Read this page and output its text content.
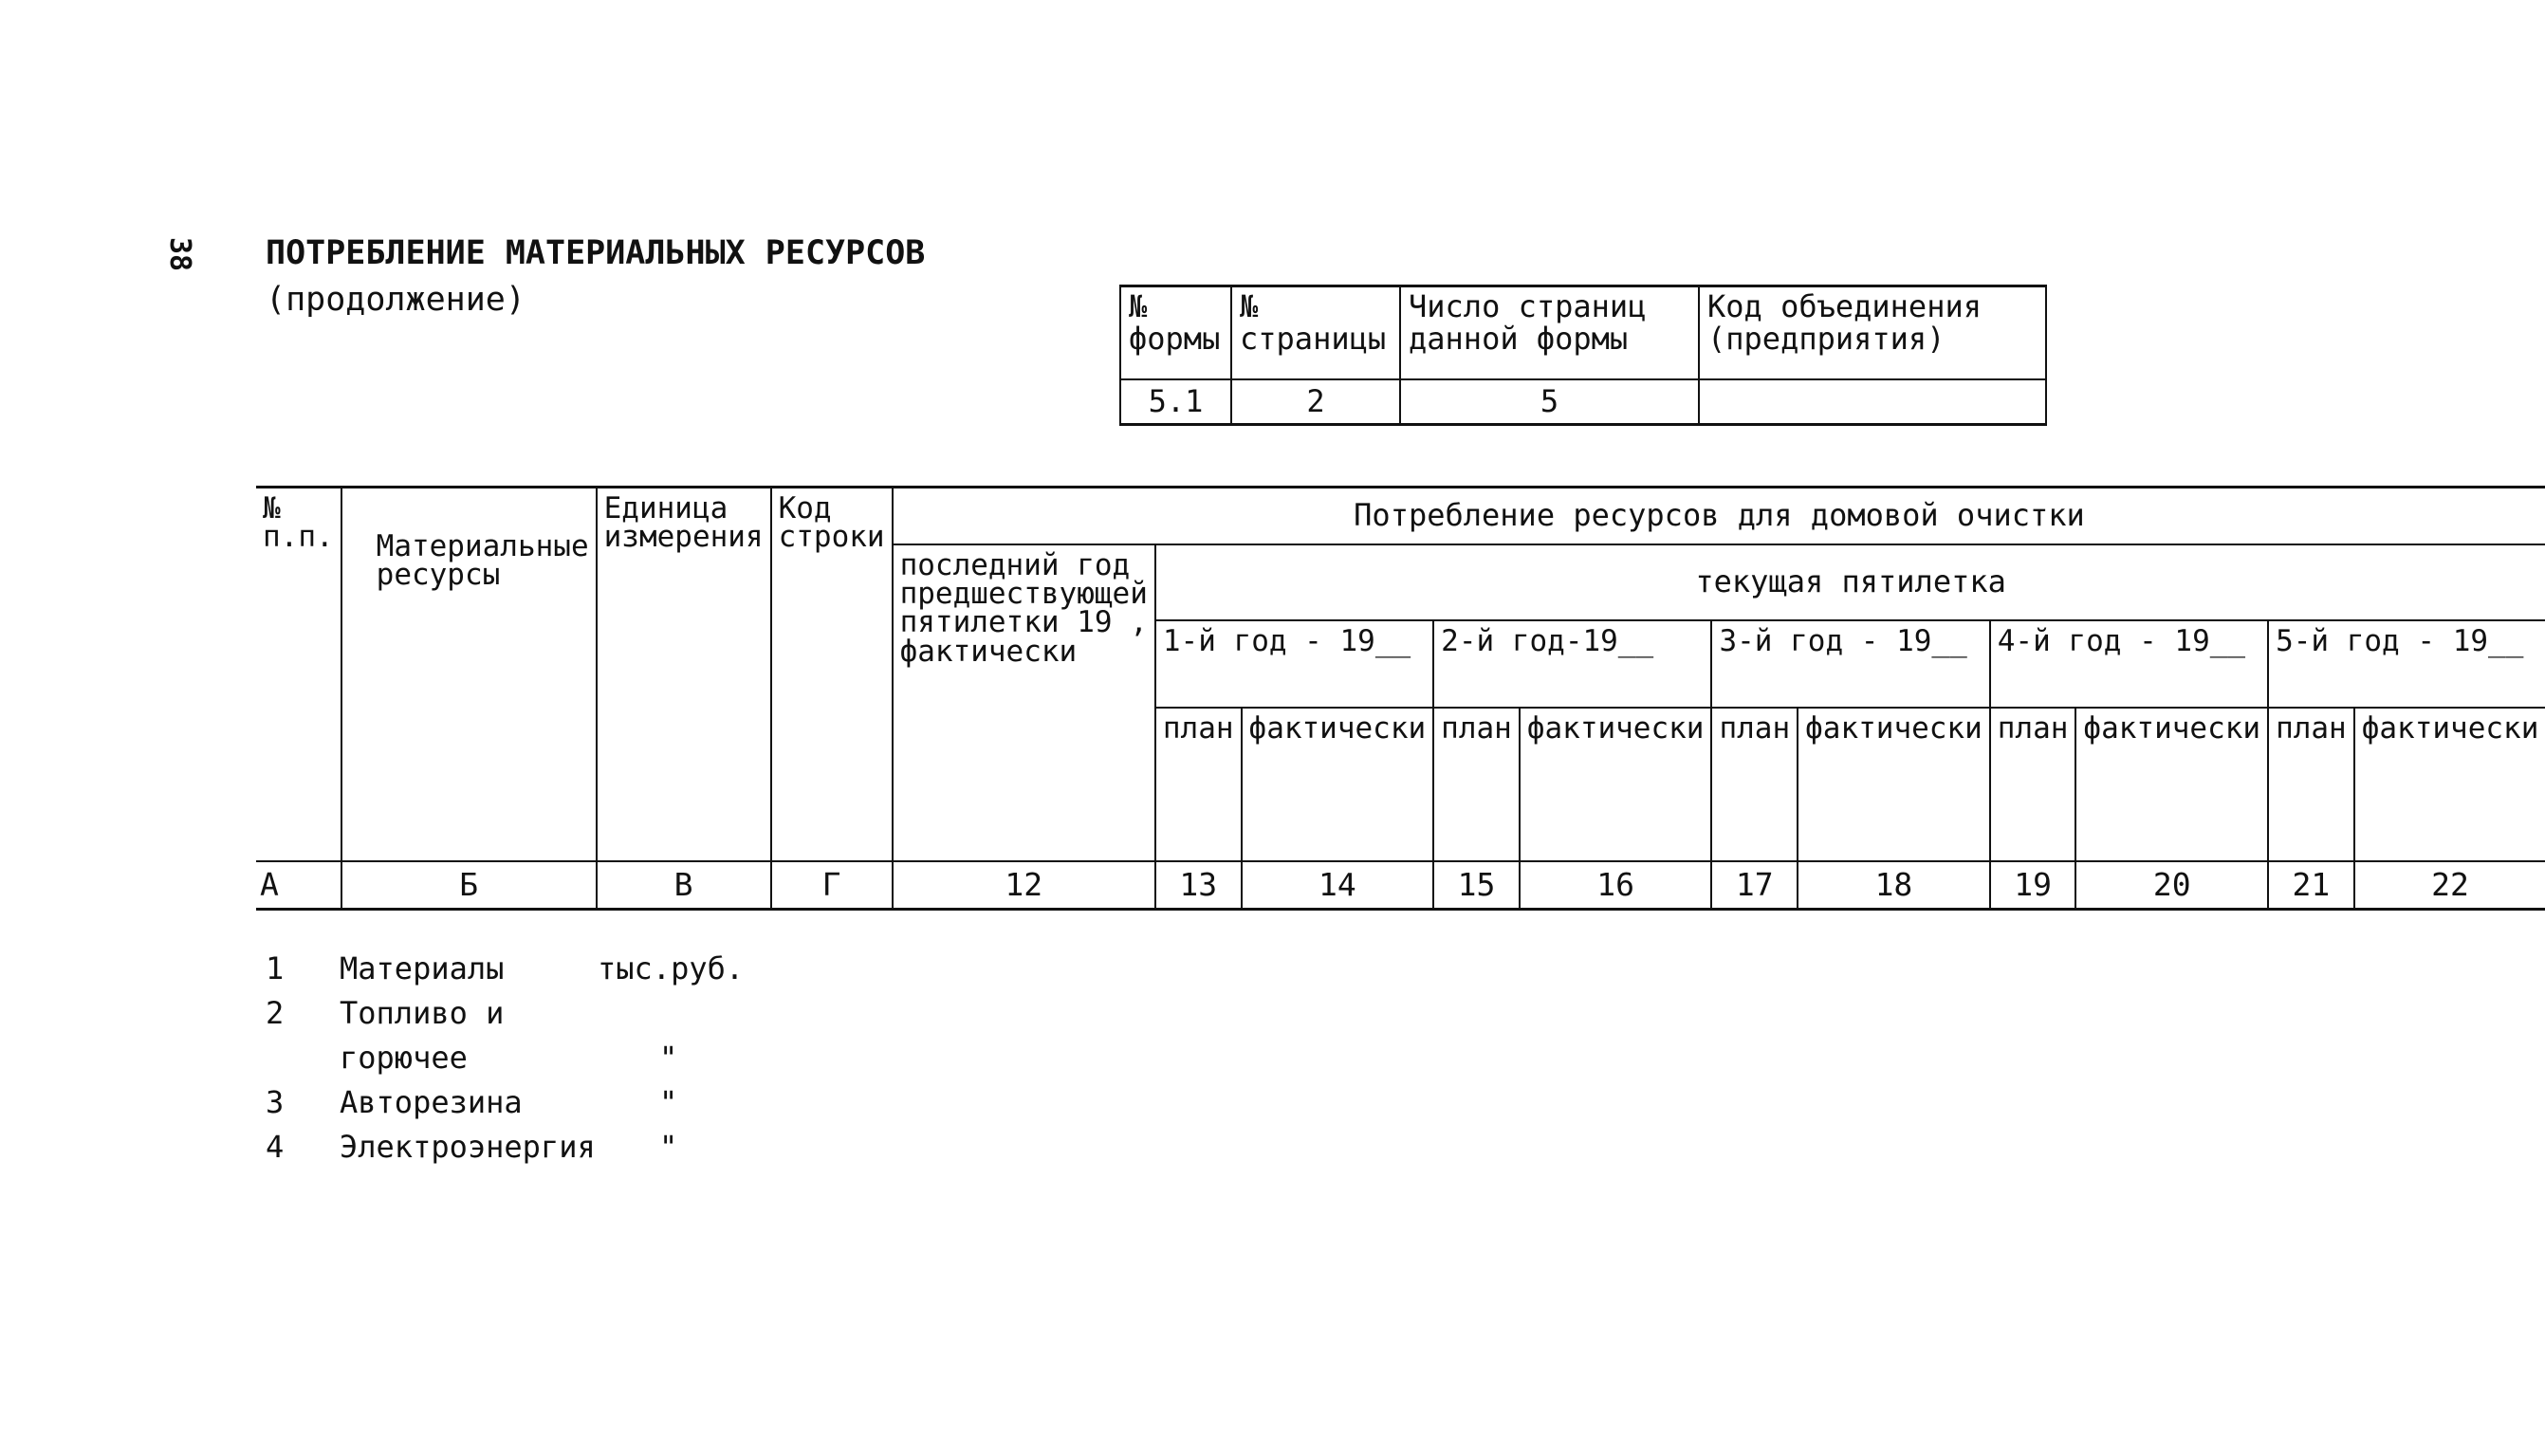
38 ПОТРЕБЛЕНИЕ МАТЕРИАЛЬНЫХ РЕСУРСОВ
(продолжение)	№ формы	№ страницы	Число страниц данной формы	Код объединения (предприятия)
5.1	2	5	
№ п.п.	Материальные ресурсы	Единица измерения	Код строки	Потребление ресурсов для домовой очистки										
				последний год предшествующей пятилетки 19 , фактически	текущая пятилетка									
					1-й год - 19__		2-й год-19__		3-й год - 19__		4-й год - 19__		5-й год - 19__	
					план	фактически	план	фактически	план	фактически	план	фактически	план	фактически
А	Б	В	Г	12	13	14	15	16	17	18	19	20	21	22
1	Материалы	тыс.руб.
2	Топливо и
горючее	"
3	Авторезина	"
4	Электроэнергия "
